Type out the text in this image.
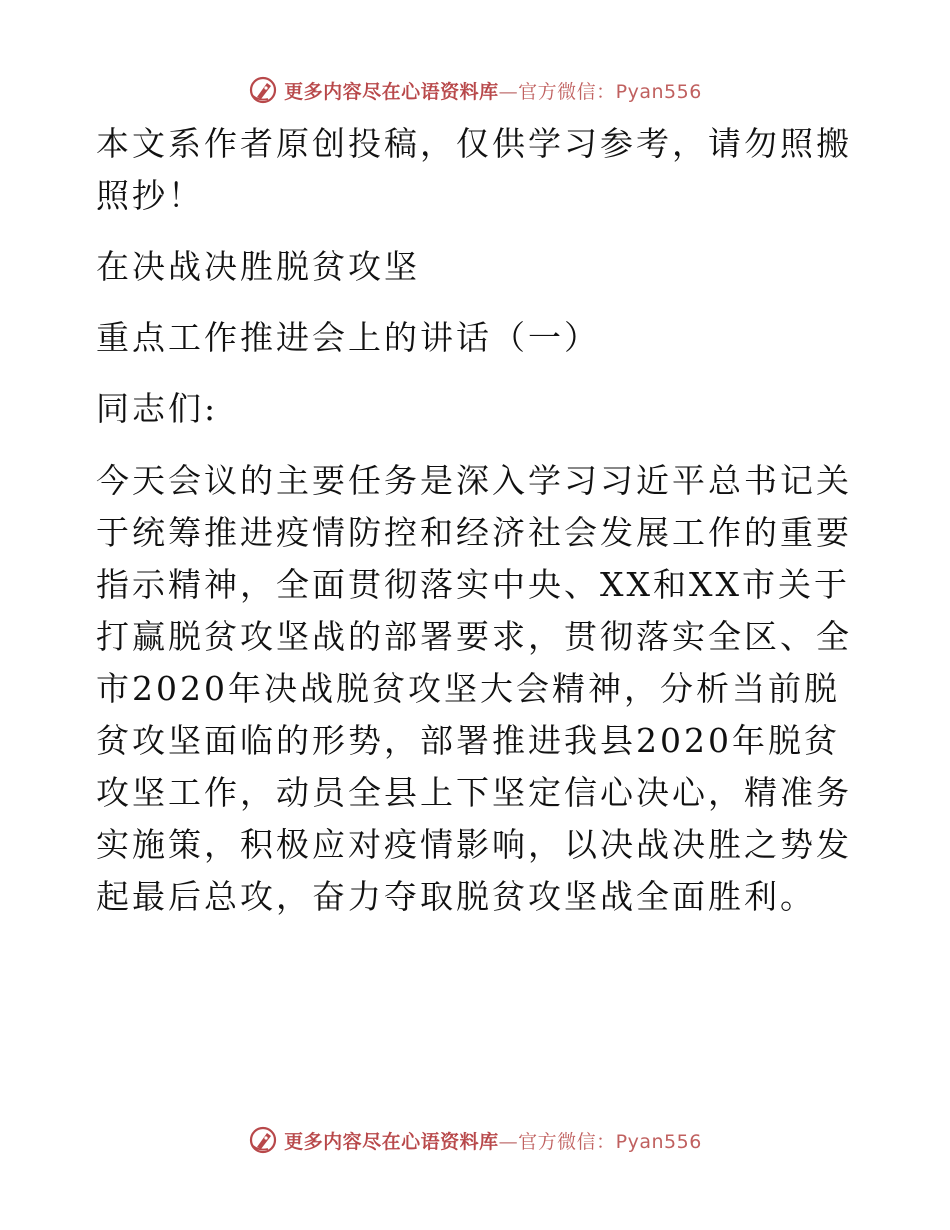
更多内容尽在心语资料库—官方微信：Pyan556

本文系作者原创投稿，仅供学习参考，请勿照搬照抄！

在决战决胜脱贫攻坚

重点工作推进会上的讲话（一）

同志们:

今天会议的主要任务是深入学习习近平总书记关于统筹推进疫情防控和经济社会发展工作的重要指示精神，全面贯彻落实中央、XX和XX市关于打赢脱贫攻坚战的部署要求，贯彻落实全区、全市2020年决战脱贫攻坚大会精神，分析当前脱贫攻坚面临的形势，部署推进我县2020年脱贫攻坚工作，动员全县上下坚定信心决心，精准务实施策，积极应对疫情影响，以决战决胜之势发起最后总攻，奋力夺取脱贫攻坚战全面胜利。

更多内容尽在心语资料库—官方微信：Pyan556
